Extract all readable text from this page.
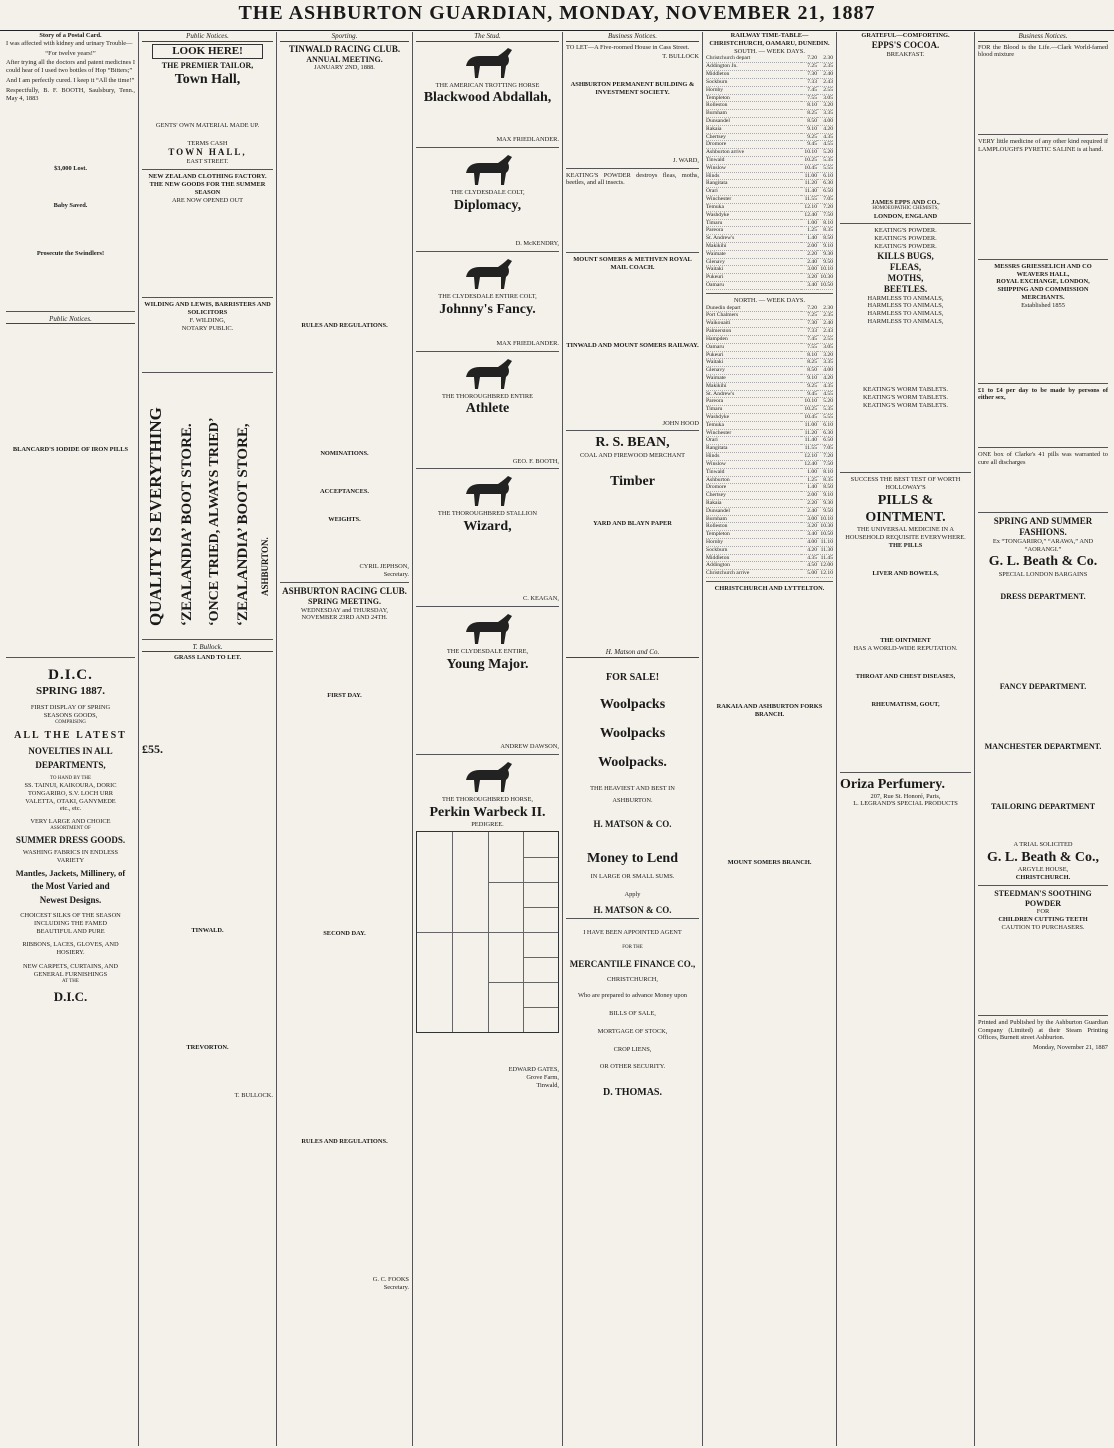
THE ASHBURTON GUARDIAN, MONDAY, NOVEMBER 21, 1887
Story of a Postal Card.

I was affected with kidney and urinary Trouble—

“For twelve years!”

After trying all the doctors and patent medicines I could hear of I used two bottles of Hop “Bitters;”

And I am perfectly cured. I keep it “All the time!”

Respectfully, B. F. BOOTH, Saulsbury, Tenn., May 4, 1883

$3,000 Lost.
Baby Saved.
Prosecute the Swindlers!
Public Notices.
BLANCARD'S IODIDE OF IRON PILLS
D.I.C.
SPRING 1887.
FIRST DISPLAY OF SPRING
SEASONS GOODS,
COMPRISING
ALL THE LATEST
NOVELTIES IN ALL
DEPARTMENTS,
TO HAND BY THE
SS. TAINUI, KAIKOURA, DORIC
TONGARIRO, S.V. LOCH URR
VALETTA, OTAKI, GANYMEDE
etc., etc.
VERY LARGE AND CHOICE
ASSORTMENT OF
SUMMER DRESS GOODS.
WASHING FABRICS IN ENDLESS
VARIETY
Mantles, Jackets, Millinery, of
the Most Varied and
Newest Designs.
CHOICEST SILKS OF THE SEASON
INCLUDING THE FAMED
BEAUTIFUL AND PURE
RIBBONS, LACES, GLOVES, AND
HOSIERY.
NEW CARPETS, CURTAINS, AND
GENERAL FURNISHINGS
AT THE
D.I.C.
Public Notices.
LOOK HERE!
THE PREMIER TAILOR,
Town Hall,
GENTS' OWN MATERIAL MADE UP.
TERMS CASH
TOWN HALL,
EAST STREET.
NEW ZEALAND CLOTHING FACTORY.
THE NEW GOODS FOR THE SUMMER SEASON
ARE NOW OPENED OUT
WILDING AND LEWIS, BARRISTERS AND SOLICITORS
F. WILDING,
NOTARY PUBLIC.
QUALITY IS EVERYTHING ‘ZEALANDIA’ BOOT STORE. ‘ONCE TRIED, ALWAYS TRIED’ ‘ZEALANDIA’ BOOT STORE, ASHBURTON.
T. Bullock.
GRASS LAND TO LET.
£55.
TINWALD.
TREVORTON.
T. BULLOCK.
Sporting.
TINWALD RACING CLUB.
ANNUAL MEETING.
JANUARY 2ND, 1888.
RULES AND REGULATIONS.
NOMINATIONS.
ACCEPTANCES.
WEIGHTS.
CYRIL JEPHSON,
Secretary.
ASHBURTON RACING CLUB.
SPRING MEETING.
WEDNESDAY and THURSDAY,
NOVEMBER 23RD AND 24TH.
FIRST DAY.
SECOND DAY.
RULES AND REGULATIONS.
G. C. FOOKS
Secretary.
The Stud.
THE AMERICAN TROTTING HORSE
Blackwood Abdallah,
MAX FRIEDLANDER.
THE CLYDESDALE COLT,
Diplomacy,
D. McKENDRY,
THE CLYDESDALE ENTIRE COLT,
Johnny's Fancy.
MAX FRIEDLANDER.
THE THOROUGHBRED ENTIRE
Athlete
GEO. F. BOOTH,
THE THOROUGHBRED STALLION
Wizard,
C. KEAGAN,
THE CLYDESDALE ENTIRE,
Young Major.
ANDREW DAWSON,
THE THOROUGHBRED HORSE,
Perkin Warbeck II.
PEDIGREE.
EDWARD GATES,
Grove Farm,
Tinwald,
Business Notices.

TO LET—A Five-roomed House in Cass Street.

T. BULLOCK
ASHBURTON PERMANENT BUILDING & INVESTMENT SOCIETY.
J. WARD,

KEATING'S POWDER destroys fleas, moths, beetles, and all insects.

MOUNT SOMERS & METHVEN ROYAL MAIL COACH.
TINWALD AND MOUNT SOMERS RAILWAY.
JOHN HOOD
R. S. BEAN,
COAL AND FIREWOOD MERCHANT
Timber
YARD AND BLAYN PAPER
H. Matson and Co.
FOR SALE!
Woolpacks
Woolpacks
Woolpacks.
THE HEAVIEST AND BEST IN
ASHBURTON.
H. MATSON & CO.
Money to Lend
IN LARGE OR SMALL SUMS.
Apply
H. MATSON & CO.
I HAVE BEEN APPOINTED AGENT
FOR THE
MERCANTILE FINANCE CO.,
CHRISTCHURCH,
Who are prepared to advance Money upon
BILLS OF SALE,
MORTGAGE OF STOCK,
CROP LIENS,
OR OTHER SECURITY.
D. THOMAS.
RAILWAY TIME-TABLE—CHRISTCHURCH, OAMARU, DUNEDIN.
SOUTH. — WEEK DAYS.
Christchurch depart	7.20	2.30
Addington Jn.	7.25	2.35
Middleton	7.30	2.40
Sockburn	7.33	2.43
Hornby	7.45	2.55
Templeton	7.55	3.05
Rolleston	8.10	3.20
Burnham	8.25	3.35
Dunsandel	8.50	4.00
Rakaia	9.10	4.20
Chertsey	9.25	4.35
Dromore	9.45	4.55
Ashburton arrive	10.10	5.20
Tinwald	10.25	5.35
Winslow	10.45	5.55
Hinds	11.00	6.10
Rangitata	11.20	6.30
Orari	11.40	6.50
Winchester	11.55	7.05
Temuka	12.10	7.20
Washdyke	12.40	7.50
Timaru	1.00	8.10
Pareora	1.25	8.35
St. Andrew's	1.40	8.50
Makikihi	2.00	9.10
Waimate	2.20	9.30
Glenavy	2.40	9.50
Waitaki	3.00	10.10
Pukeuri	3.20	10.30
Oamaru	3.40	10.50
NORTH. — WEEK DAYS.
Dunedin depart	7.20	2.30
Port Chalmers	7.25	2.35
Waikouaiti	7.30	2.40
Palmerston	7.33	2.43
Hampden	7.45	2.55
Oamaru	7.55	3.05
Pukeuri	8.10	3.20
Waitaki	8.25	3.35
Glenavy	8.50	4.00
Waimate	9.10	4.20
Makikihi	9.25	4.35
St. Andrew's	9.45	4.55
Pareora	10.10	5.20
Timaru	10.25	5.35
Washdyke	10.45	5.55
Temuka	11.00	6.10
Winchester	11.20	6.30
Orari	11.40	6.50
Rangitata	11.55	7.05
Hinds	12.10	7.20
Winslow	12.40	7.50
Tinwald	1.00	8.10
Ashburton	1.25	8.35
Dromore	1.40	8.50
Chertsey	2.00	9.10
Rakaia	2.20	9.30
Dunsandel	2.40	9.50
Burnham	3.00	10.10
Rolleston	3.20	10.30
Templeton	3.40	10.50
Hornby	4.00	11.10
Sockburn	4.20	11.30
Middleton	4.35	11.45
Addington	4.50	12.00
Christchurch arrive	5.00	12.10
CHRISTCHURCH AND LYTTELTON.
RAKAIA AND ASHBURTON FORKS BRANCH.
MOUNT SOMERS BRANCH.
GRATEFUL—COMFORTING.
EPPS'S COCOA.
BREAKFAST.
JAMES EPPS AND CO.,
HOMOEOPATHIC CHEMISTS,
LONDON, ENGLAND
KEATING'S POWDER.
KEATING'S POWDER.
KEATING'S POWDER.
KILLS BUGS,
FLEAS,
MOTHS,
BEETLES.
HARMLESS TO ANIMALS,
HARMLESS TO ANIMALS,
HARMLESS TO ANIMALS,
HARMLESS TO ANIMALS,
KEATING'S WORM TABLETS.
KEATING'S WORM TABLETS.
KEATING'S WORM TABLETS.
SUCCESS THE BEST TEST OF WORTH
HOLLOWAY'S
PILLS & OINTMENT.
THE UNIVERSAL MEDICINE IN A HOUSEHOLD REQUISITE EVERYWHERE.
THE PILLS
LIVER AND BOWELS,
THE OINTMENT
HAS A WORLD-WIDE REPUTATION.
THROAT AND CHEST DISEASES,
RHEUMATISM, GOUT,
Oriza Perfumery.
207, Rue St. Honoré, Paris,
L. LEGRAND'S SPECIAL PRODUCTS
Business Notices.

FOR the Blood is the Life.—Clark World-famed blood mixture

VERY little medicine of any other kind required if LAMPLOUGH'S PYRETIC SALINE is at hand.

MESSRS GRIESSELICH AND CO
WEAVERS HALL,
ROYAL EXCHANGE, LONDON,
SHIPPING AND COMMISSION MERCHANTS.
Established 1855

£1 to £4 per day to be made by persons of either sex,

ONE box of Clarke's 41 pills was warranted to cure all discharges

SPRING AND SUMMER FASHIONS.
Ex “TONGARIRO,” “ARAWA,” AND “AORANGI.”
G. L. Beath & Co.
SPECIAL LONDON BARGAINS
DRESS DEPARTMENT.
FANCY DEPARTMENT.
MANCHESTER DEPARTMENT.
TAILORING DEPARTMENT
A TRIAL SOLICITED
G. L. Beath & Co.,
ARGYLE HOUSE,
CHRISTCHURCH.
STEEDMAN'S SOOTHING POWDER
FOR
CHILDREN CUTTING TEETH
CAUTION TO PURCHASERS.

Printed and Published by the Ashburton Guardian Company (Limited) at their Steam Printing Offices, Burnett street Ashburton.

Monday, November 21, 1887
